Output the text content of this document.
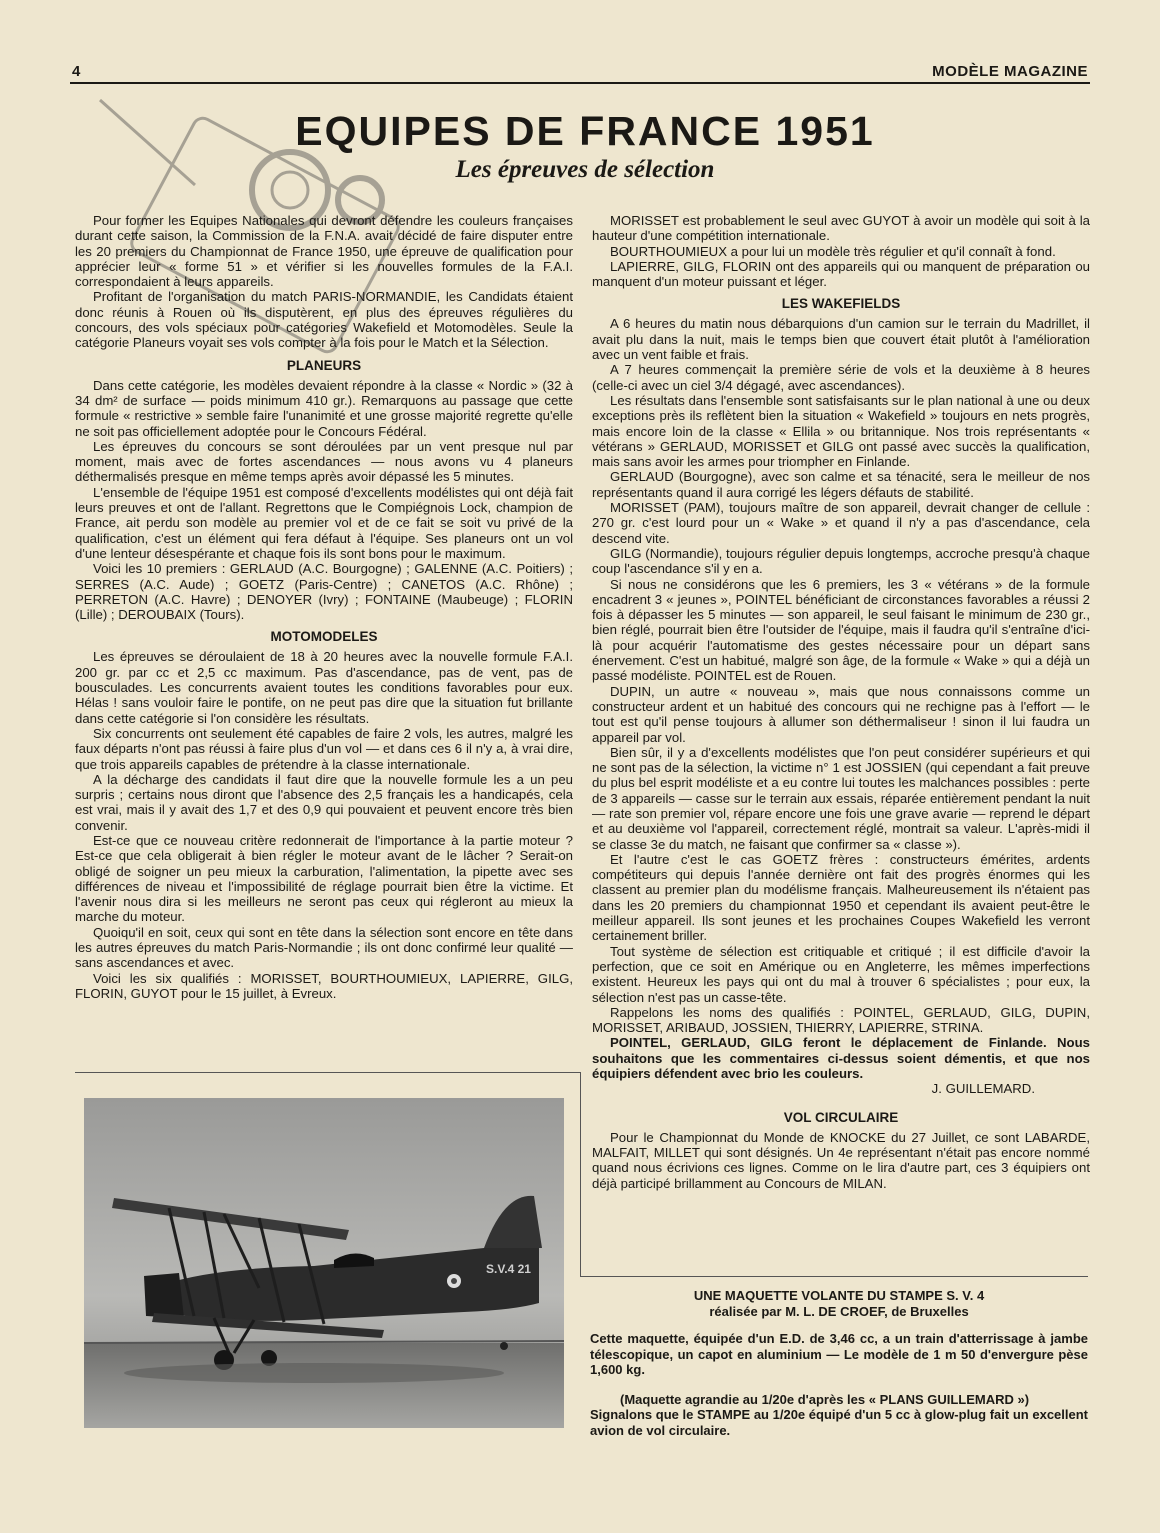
4	MODÈLE MAGAZINE
EQUIPES DE FRANCE 1951
Les épreuves de sélection

Pour former les Equipes Nationales qui devront défendre les couleurs françaises durant cette saison, la Commission de la F.N.A. avait décidé de faire disputer entre les 20 premiers du Championnat de France 1950, une épreuve de qualification pour apprécier leur « forme 51 » et vérifier si les nouvelles formules de la F.A.I. correspondaient à leurs appareils.

Profitant de l'organisation du match PARIS-NORMANDIE, les Candidats étaient donc réunis à Rouen où ils disputèrent, en plus des épreuves régulières du concours, des vols spéciaux pour catégories Wakefield et Motomodèles. Seule la catégorie Planeurs voyait ses vols compter à la fois pour le Match et la Sélection.

PLANEURS

Dans cette catégorie, les modèles devaient répondre à la classe « Nordic » (32 à 34 dm² de surface — poids minimum 410 gr.). Remarquons au passage que cette formule « restrictive » semble faire l'unanimité et une grosse majorité regrette qu'elle ne soit pas officiellement adoptée pour le Concours Fédéral.

Les épreuves du concours se sont déroulées par un vent presque nul par moment, mais avec de fortes ascendances — nous avons vu 4 planeurs déthermalisés presque en même temps après avoir dépassé les 5 minutes.

L'ensemble de l'équipe 1951 est composé d'excellents modélistes qui ont déjà fait leurs preuves et ont de l'allant. Regrettons que le Compiégnois Lock, champion de France, ait perdu son modèle au premier vol et de ce fait se soit vu privé de la qualification, c'est un élément qui fera défaut à l'équipe. Ses planeurs ont un vol d'une lenteur désespérante et chaque fois ils sont bons pour le maximum.

Voici les 10 premiers : GERLAUD (A.C. Bourgogne) ; GALENNE (A.C. Poitiers) ; SERRES (A.C. Aude) ; GOETZ (Paris-Centre) ; CANETOS (A.C. Rhône) ; PERRETON (A.C. Havre) ; DENOYER (Ivry) ; FONTAINE (Maubeuge) ; FLORIN (Lille) ; DEROUBAIX (Tours).

MOTOMODELES

Les épreuves se déroulaient de 18 à 20 heures avec la nouvelle formule F.A.I. 200 gr. par cc et 2,5 cc maximum. Pas d'ascendance, pas de vent, pas de bousculades. Les concurrents avaient toutes les conditions favorables pour eux. Hélas ! sans vouloir faire le pontife, on ne peut pas dire que la situation fut brillante dans cette catégorie si l'on considère les résultats.

Six concurrents ont seulement été capables de faire 2 vols, les autres, malgré les faux départs n'ont pas réussi à faire plus d'un vol — et dans ces 6 il n'y a, à vrai dire, que trois appareils capables de prétendre à la classe internationale.

A la décharge des candidats il faut dire que la nouvelle formule les a un peu surpris ; certains nous diront que l'absence des 2,5 français les a handicapés, cela est vrai, mais il y avait des 1,7 et des 0,9 qui pouvaient et peuvent encore très bien convenir.

Est-ce que ce nouveau critère redonnerait de l'importance à la partie moteur ? Est-ce que cela obligerait à bien régler le moteur avant de le lâcher ? Serait-on obligé de soigner un peu mieux la carburation, l'alimentation, la pipette avec ses différences de niveau et l'impossibilité de réglage pourrait bien être la victime. Et l'avenir nous dira si les meilleurs ne seront pas ceux qui régleront au mieux la marche du moteur.

Quoiqu'il en soit, ceux qui sont en tête dans la sélection sont encore en tête dans les autres épreuves du match Paris-Normandie ; ils ont donc confirmé leur qualité — sans ascendances et avec.

Voici les six qualifiés : MORISSET, BOURTHOUMIEUX, LAPIERRE, GILG, FLORIN, GUYOT pour le 15 juillet, à Evreux.

MORISSET est probablement le seul avec GUYOT à avoir un modèle qui soit à la hauteur d'une compétition internationale.

BOURTHOUMIEUX a pour lui un modèle très régulier et qu'il connaît à fond.

LAPIERRE, GILG, FLORIN ont des appareils qui ou manquent de préparation ou manquent d'un moteur puissant et léger.

LES WAKEFIELDS

A 6 heures du matin nous débarquions d'un camion sur le terrain du Madrillet, il avait plu dans la nuit, mais le temps bien que couvert était plutôt à l'amélioration avec un vent faible et frais.

A 7 heures commençait la première série de vols et la deuxième à 8 heures (celle-ci avec un ciel 3/4 dégagé, avec ascendances).

Les résultats dans l'ensemble sont satisfaisants sur le plan national à une ou deux exceptions près ils reflètent bien la situation « Wakefield » toujours en nets progrès, mais encore loin de la classe « Ellila » ou britannique. Nos trois représentants « vétérans » GERLAUD, MORISSET et GILG ont passé avec succès la qualification, mais sans avoir les armes pour triompher en Finlande.

GERLAUD (Bourgogne), avec son calme et sa ténacité, sera le meilleur de nos représentants quand il aura corrigé les légers défauts de stabilité.

MORISSET (PAM), toujours maître de son appareil, devrait changer de cellule : 270 gr. c'est lourd pour un « Wake » et quand il n'y a pas d'ascendance, cela descend vite.

GILG (Normandie), toujours régulier depuis longtemps, accroche presqu'à chaque coup l'ascendance s'il y en a.

Si nous ne considérons que les 6 premiers, les 3 « vétérans » de la formule encadrent 3 « jeunes », POINTEL bénéficiant de circonstances favorables a réussi 2 fois à dépasser les 5 minutes — son appareil, le seul faisant le minimum de 230 gr., bien réglé, pourrait bien être l'outsider de l'équipe, mais il faudra qu'il s'entraîne d'ici-là pour acquérir l'automatisme des gestes nécessaire pour un départ sans énervement. C'est un habitué, malgré son âge, de la formule « Wake » qui a déjà un passé modéliste. POINTEL est de Rouen.

DUPIN, un autre « nouveau », mais que nous connaissons comme un constructeur ardent et un habitué des concours qui ne rechigne pas à l'effort — le tout est qu'il pense toujours à allumer son déthermaliseur ! sinon il lui faudra un appareil par vol.

Bien sûr, il y a d'excellents modélistes que l'on peut considérer supérieurs et qui ne sont pas de la sélection, la victime n° 1 est JOSSIEN (qui cependant a fait preuve du plus bel esprit modéliste et a eu contre lui toutes les malchances possibles : perte de 3 appareils — casse sur le terrain aux essais, réparée entièrement pendant la nuit — rate son premier vol, répare encore une fois une grave avarie — reprend le départ et au deuxième vol l'appareil, correctement réglé, montrait sa valeur. L'après-midi il se classe 3e du match, ne faisant que confirmer sa « classe »).

Et l'autre c'est le cas GOETZ frères : constructeurs émérites, ardents compétiteurs qui depuis l'année dernière ont fait des progrès énormes qui les classent au premier plan du modélisme français. Malheureusement ils n'étaient pas dans les 20 premiers du championnat 1950 et cependant ils avaient peut-être le meilleur appareil. Ils sont jeunes et les prochaines Coupes Wakefield les verront certainement briller.

Tout système de sélection est critiquable et critiqué ; il est difficile d'avoir la perfection, que ce soit en Amérique ou en Angleterre, les mêmes imperfections existent. Heureux les pays qui ont du mal à trouver 6 spécialistes ; pour eux, la sélection n'est pas un casse-tête.

Rappelons les noms des qualifiés : POINTEL, GERLAUD, GILG, DUPIN, MORISSET, ARIBAUD, JOSSIEN, THIERRY, LAPIERRE, STRINA.

POINTEL, GERLAUD, GILG feront le déplacement de Finlande. Nous souhaitons que les commentaires ci-dessus soient démentis, et que nos équipiers défendent avec brio les couleurs.

J. GUILLEMARD.

VOL CIRCULAIRE

Pour le Championnat du Monde de KNOCKE du 27 Juillet, ce sont LABARDE, MALFAIT, MILLET qui sont désignés. Un 4e représentant n'était pas encore nommé quand nous écrivions ces lignes. Comme on le lira d'autre part, ces 3 équipiers ont déjà participé brillamment au Concours de MILAN.

S.V.4 21
UNE MAQUETTE VOLANTE DU STAMPE S. V. 4
réalisée par M. L. DE CROEF, de Bruxelles
Cette maquette, équipée d'un E.D. de 3,46 cc, a un train d'atterrissage à jambe télescopique, un capot en aluminium — Le modèle de 1 m 50 d'envergure pèse 1,600 kg.
(Maquette agrandie au 1/20e d'après les « PLANS GUILLEMARD »)
Signalons que le STAMPE au 1/20e équipé d'un 5 cc à glow-plug fait un excellent avion de vol circulaire.
